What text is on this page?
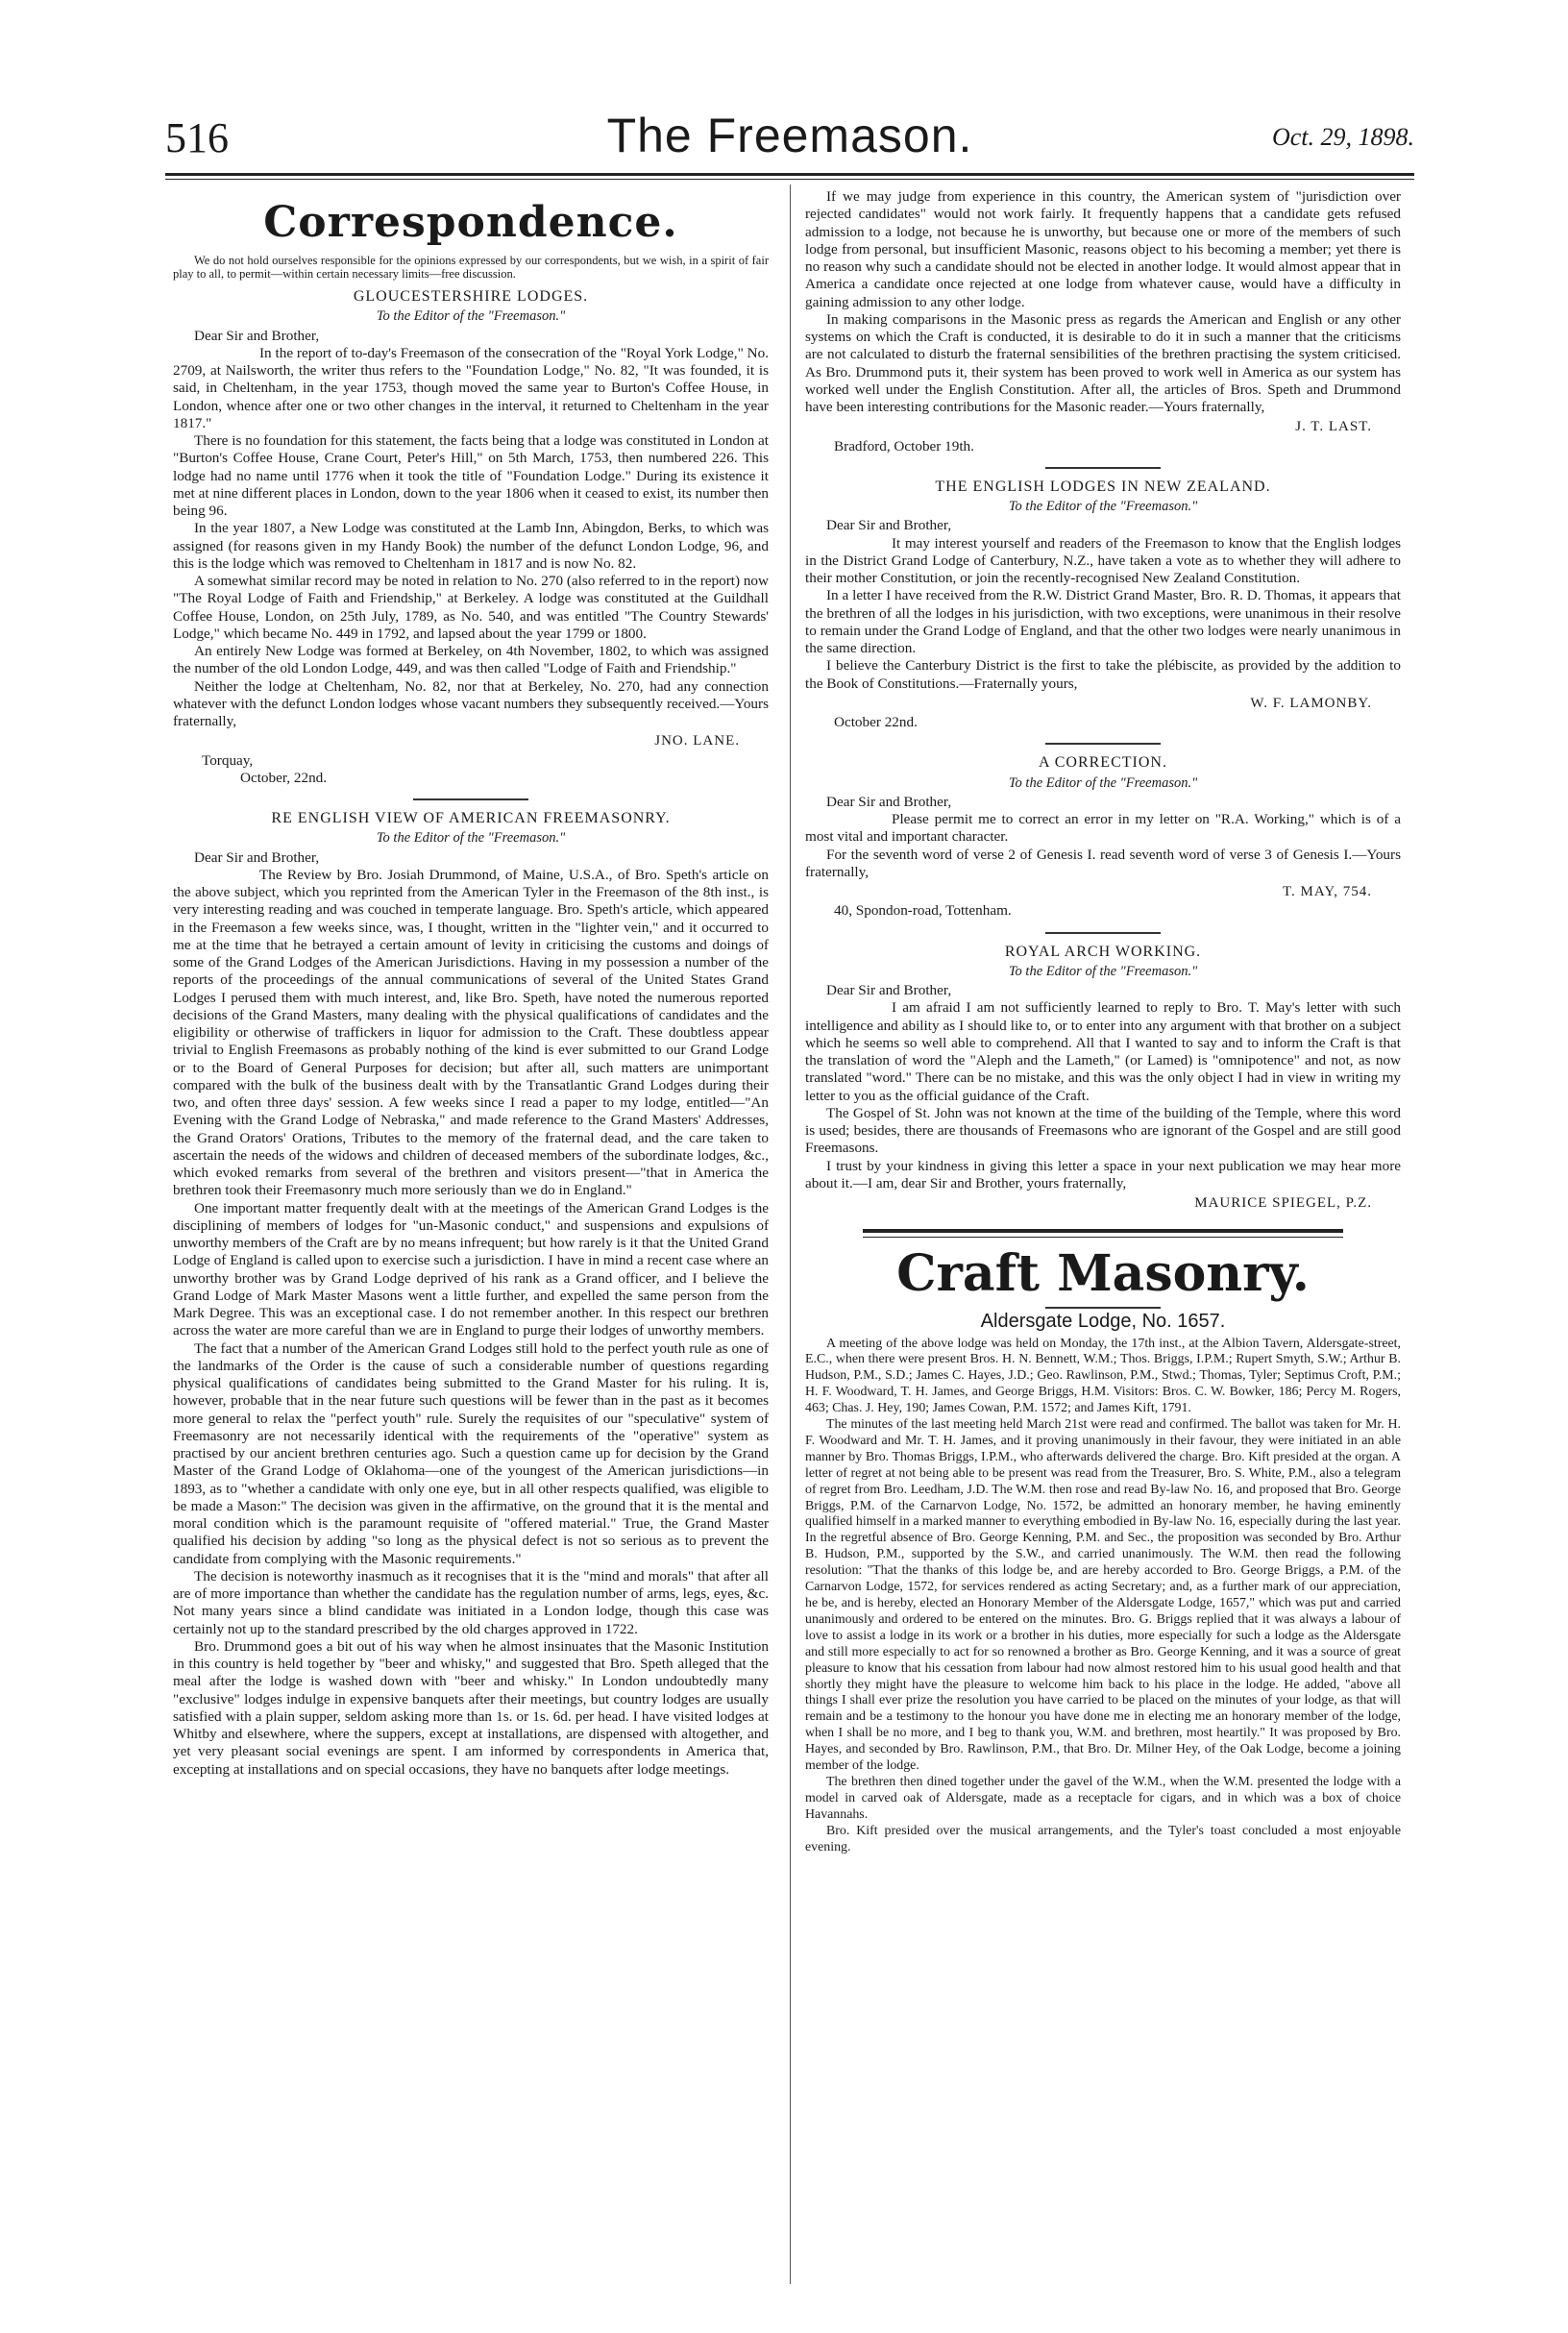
516	The Freemason.	Oct. 29, 1898.
Correspondence.

We do not hold ourselves responsible for the opinions expressed by our correspondents, but we wish, in a spirit of fair play to all, to permit—within certain necessary limits—free discussion.

GLOUCESTERSHIRE LODGES.
To the Editor of the "Freemason."
Dear Sir and Brother,

In the report of to-day's Freemason of the consecration of the "Royal York Lodge," No. 2709, at Nailsworth, the writer thus refers to the "Foundation Lodge," No. 82, "It was founded, it is said, in Cheltenham, in the year 1753, though moved the same year to Burton's Coffee House, in London, whence after one or two other changes in the interval, it returned to Cheltenham in the year 1817."

There is no foundation for this statement, the facts being that a lodge was constituted in London at "Burton's Coffee House, Crane Court, Peter's Hill," on 5th March, 1753, then numbered 226. This lodge had no name until 1776 when it took the title of "Foundation Lodge." During its existence it met at nine different places in London, down to the year 1806 when it ceased to exist, its number then being 96.

In the year 1807, a New Lodge was constituted at the Lamb Inn, Abingdon, Berks, to which was assigned (for reasons given in my Handy Book) the number of the defunct London Lodge, 96, and this is the lodge which was removed to Cheltenham in 1817 and is now No. 82.

A somewhat similar record may be noted in relation to No. 270 (also referred to in the report) now "The Royal Lodge of Faith and Friendship," at Berkeley. A lodge was constituted at the Guildhall Coffee House, London, on 25th July, 1789, as No. 540, and was entitled "The Country Stewards' Lodge," which became No. 449 in 1792, and lapsed about the year 1799 or 1800.

An entirely New Lodge was formed at Berkeley, on 4th November, 1802, to which was assigned the number of the old London Lodge, 449, and was then called "Lodge of Faith and Friendship."

Neither the lodge at Cheltenham, No. 82, nor that at Berkeley, No. 270, had any connection whatever with the defunct London lodges whose vacant numbers they subsequently received.—Yours fraternally,

JNO. LANE.
Torquay,
October, 22nd.
RE ENGLISH VIEW OF AMERICAN FREEMASONRY.
To the Editor of the "Freemason."
Dear Sir and Brother,

The Review by Bro. Josiah Drummond, of Maine, U.S.A., of Bro. Speth's article on the above subject, which you reprinted from the American Tyler in the Freemason of the 8th inst., is very interesting reading and was couched in temperate language. Bro. Speth's article, which appeared in the Freemason a few weeks since, was, I thought, written in the "lighter vein," and it occurred to me at the time that he betrayed a certain amount of levity in criticising the customs and doings of some of the Grand Lodges of the American Jurisdictions. Having in my possession a number of the reports of the proceedings of the annual communications of several of the United States Grand Lodges I perused them with much interest, and, like Bro. Speth, have noted the numerous reported decisions of the Grand Masters, many dealing with the physical qualifications of candidates and the eligibility or otherwise of traffickers in liquor for admission to the Craft. These doubtless appear trivial to English Freemasons as probably nothing of the kind is ever submitted to our Grand Lodge or to the Board of General Purposes for decision; but after all, such matters are unimportant compared with the bulk of the business dealt with by the Transatlantic Grand Lodges during their two, and often three days' session. A few weeks since I read a paper to my lodge, entitled—"An Evening with the Grand Lodge of Nebraska," and made reference to the Grand Masters' Addresses, the Grand Orators' Orations, Tributes to the memory of the fraternal dead, and the care taken to ascertain the needs of the widows and children of deceased members of the subordinate lodges, &c., which evoked remarks from several of the brethren and visitors present—"that in America the brethren took their Freemasonry much more seriously than we do in England."

One important matter frequently dealt with at the meetings of the American Grand Lodges is the disciplining of members of lodges for "un-Masonic conduct," and suspensions and expulsions of unworthy members of the Craft are by no means infrequent; but how rarely is it that the United Grand Lodge of England is called upon to exercise such a jurisdiction. I have in mind a recent case where an unworthy brother was by Grand Lodge deprived of his rank as a Grand officer, and I believe the Grand Lodge of Mark Master Masons went a little further, and expelled the same person from the Mark Degree. This was an exceptional case. I do not remember another. In this respect our brethren across the water are more careful than we are in England to purge their lodges of unworthy members.

The fact that a number of the American Grand Lodges still hold to the perfect youth rule as one of the landmarks of the Order is the cause of such a considerable number of questions regarding physical qualifications of candidates being submitted to the Grand Master for his ruling. It is, however, probable that in the near future such questions will be fewer than in the past as it becomes more general to relax the "perfect youth" rule. Surely the requisites of our "speculative" system of Freemasonry are not necessarily identical with the requirements of the "operative" system as practised by our ancient brethren centuries ago. Such a question came up for decision by the Grand Master of the Grand Lodge of Oklahoma—one of the youngest of the American jurisdictions—in 1893, as to "whether a candidate with only one eye, but in all other respects qualified, was eligible to be made a Mason:" The decision was given in the affirmative, on the ground that it is the mental and moral condition which is the paramount requisite of "offered material." True, the Grand Master qualified his decision by adding "so long as the physical defect is not so serious as to prevent the candidate from complying with the Masonic requirements."

The decision is noteworthy inasmuch as it recognises that it is the "mind and morals" that after all are of more importance than whether the candidate has the regulation number of arms, legs, eyes, &c. Not many years since a blind candidate was initiated in a London lodge, though this case was certainly not up to the standard prescribed by the old charges approved in 1722.

Bro. Drummond goes a bit out of his way when he almost insinuates that the Masonic Institution in this country is held together by "beer and whisky," and suggested that Bro. Speth alleged that the meal after the lodge is washed down with "beer and whisky." In London undoubtedly many "exclusive" lodges indulge in expensive banquets after their meetings, but country lodges are usually satisfied with a plain supper, seldom asking more than 1s. or 1s. 6d. per head. I have visited lodges at Whitby and elsewhere, where the suppers, except at installations, are dispensed with altogether, and yet very pleasant social evenings are spent. I am informed by correspondents in America that, excepting at installations and on special occasions, they have no banquets after lodge meetings.

If we may judge from experience in this country, the American system of "jurisdiction over rejected candidates" would not work fairly. It frequently happens that a candidate gets refused admission to a lodge, not because he is unworthy, but because one or more of the members of such lodge from personal, but insufficient Masonic, reasons object to his becoming a member; yet there is no reason why such a candidate should not be elected in another lodge. It would almost appear that in America a candidate once rejected at one lodge from whatever cause, would have a difficulty in gaining admission to any other lodge.

In making comparisons in the Masonic press as regards the American and English or any other systems on which the Craft is conducted, it is desirable to do it in such a manner that the criticisms are not calculated to disturb the fraternal sensibilities of the brethren practising the system criticised. As Bro. Drummond puts it, their system has been proved to work well in America as our system has worked well under the English Constitution. After all, the articles of Bros. Speth and Drummond have been interesting contributions for the Masonic reader.—Yours fraternally,

J. T. LAST.
Bradford, October 19th.
THE ENGLISH LODGES IN NEW ZEALAND.
To the Editor of the "Freemason."
Dear Sir and Brother,

It may interest yourself and readers of the Freemason to know that the English lodges in the District Grand Lodge of Canterbury, N.Z., have taken a vote as to whether they will adhere to their mother Constitution, or join the recently-recognised New Zealand Constitution.

In a letter I have received from the R.W. District Grand Master, Bro. R. D. Thomas, it appears that the brethren of all the lodges in his jurisdiction, with two exceptions, were unanimous in their resolve to remain under the Grand Lodge of England, and that the other two lodges were nearly unanimous in the same direction.

I believe the Canterbury District is the first to take the plébiscite, as provided by the addition to the Book of Constitutions.—Fraternally yours,

W. F. LAMONBY.
October 22nd.
A CORRECTION.
To the Editor of the "Freemason."
Dear Sir and Brother,

Please permit me to correct an error in my letter on "R.A. Working," which is of a most vital and important character.

For the seventh word of verse 2 of Genesis I. read seventh word of verse 3 of Genesis I.—Yours fraternally,

T. MAY, 754.
40, Spondon-road, Tottenham.
ROYAL ARCH WORKING.
To the Editor of the "Freemason."
Dear Sir and Brother,

I am afraid I am not sufficiently learned to reply to Bro. T. May's letter with such intelligence and ability as I should like to, or to enter into any argument with that brother on a subject which he seems so well able to comprehend. All that I wanted to say and to inform the Craft is that the translation of word the "Aleph and the Lameth," (or Lamed) is "omnipotence" and not, as now translated "word." There can be no mistake, and this was the only object I had in view in writing my letter to you as the official guidance of the Craft.

The Gospel of St. John was not known at the time of the building of the Temple, where this word is used; besides, there are thousands of Freemasons who are ignorant of the Gospel and are still good Freemasons.

I trust by your kindness in giving this letter a space in your next publication we may hear more about it.—I am, dear Sir and Brother, yours fraternally,

MAURICE SPIEGEL, P.Z.
Craft Masonry.
Aldersgate Lodge, No. 1657.

A meeting of the above lodge was held on Monday, the 17th inst., at the Albion Tavern, Aldersgate-street, E.C., when there were present Bros. H. N. Bennett, W.M.; Thos. Briggs, I.P.M.; Rupert Smyth, S.W.; Arthur B. Hudson, P.M., S.D.; James C. Hayes, J.D.; Geo. Rawlinson, P.M., Stwd.; Thomas, Tyler; Septimus Croft, P.M.; H. F. Woodward, T. H. James, and George Briggs, H.M. Visitors: Bros. C. W. Bowker, 186; Percy M. Rogers, 463; Chas. J. Hey, 190; James Cowan, P.M. 1572; and James Kift, 1791.

The minutes of the last meeting held March 21st were read and confirmed. The ballot was taken for Mr. H. F. Woodward and Mr. T. H. James, and it proving unanimously in their favour, they were initiated in an able manner by Bro. Thomas Briggs, I.P.M., who afterwards delivered the charge. Bro. Kift presided at the organ. A letter of regret at not being able to be present was read from the Treasurer, Bro. S. White, P.M., also a telegram of regret from Bro. Leedham, J.D. The W.M. then rose and read By-law No. 16, and proposed that Bro. George Briggs, P.M. of the Carnarvon Lodge, No. 1572, be admitted an honorary member, he having eminently qualified himself in a marked manner to everything embodied in By-law No. 16, especially during the last year. In the regretful absence of Bro. George Kenning, P.M. and Sec., the proposition was seconded by Bro. Arthur B. Hudson, P.M., supported by the S.W., and carried unanimously. The W.M. then read the following resolution: "That the thanks of this lodge be, and are hereby accorded to Bro. George Briggs, a P.M. of the Carnarvon Lodge, 1572, for services rendered as acting Secretary; and, as a further mark of our appreciation, he be, and is hereby, elected an Honorary Member of the Aldersgate Lodge, 1657," which was put and carried unanimously and ordered to be entered on the minutes. Bro. G. Briggs replied that it was always a labour of love to assist a lodge in its work or a brother in his duties, more especially for such a lodge as the Aldersgate and still more especially to act for so renowned a brother as Bro. George Kenning, and it was a source of great pleasure to know that his cessation from labour had now almost restored him to his usual good health and that shortly they might have the pleasure to welcome him back to his place in the lodge. He added, "above all things I shall ever prize the resolution you have carried to be placed on the minutes of your lodge, as that will remain and be a testimony to the honour you have done me in electing me an honorary member of the lodge, when I shall be no more, and I beg to thank you, W.M. and brethren, most heartily." It was proposed by Bro. Hayes, and seconded by Bro. Rawlinson, P.M., that Bro. Dr. Milner Hey, of the Oak Lodge, become a joining member of the lodge.

The brethren then dined together under the gavel of the W.M., when the W.M. presented the lodge with a model in carved oak of Aldersgate, made as a receptacle for cigars, and in which was a box of choice Havannahs.

Bro. Kift presided over the musical arrangements, and the Tyler's toast concluded a most enjoyable evening.
